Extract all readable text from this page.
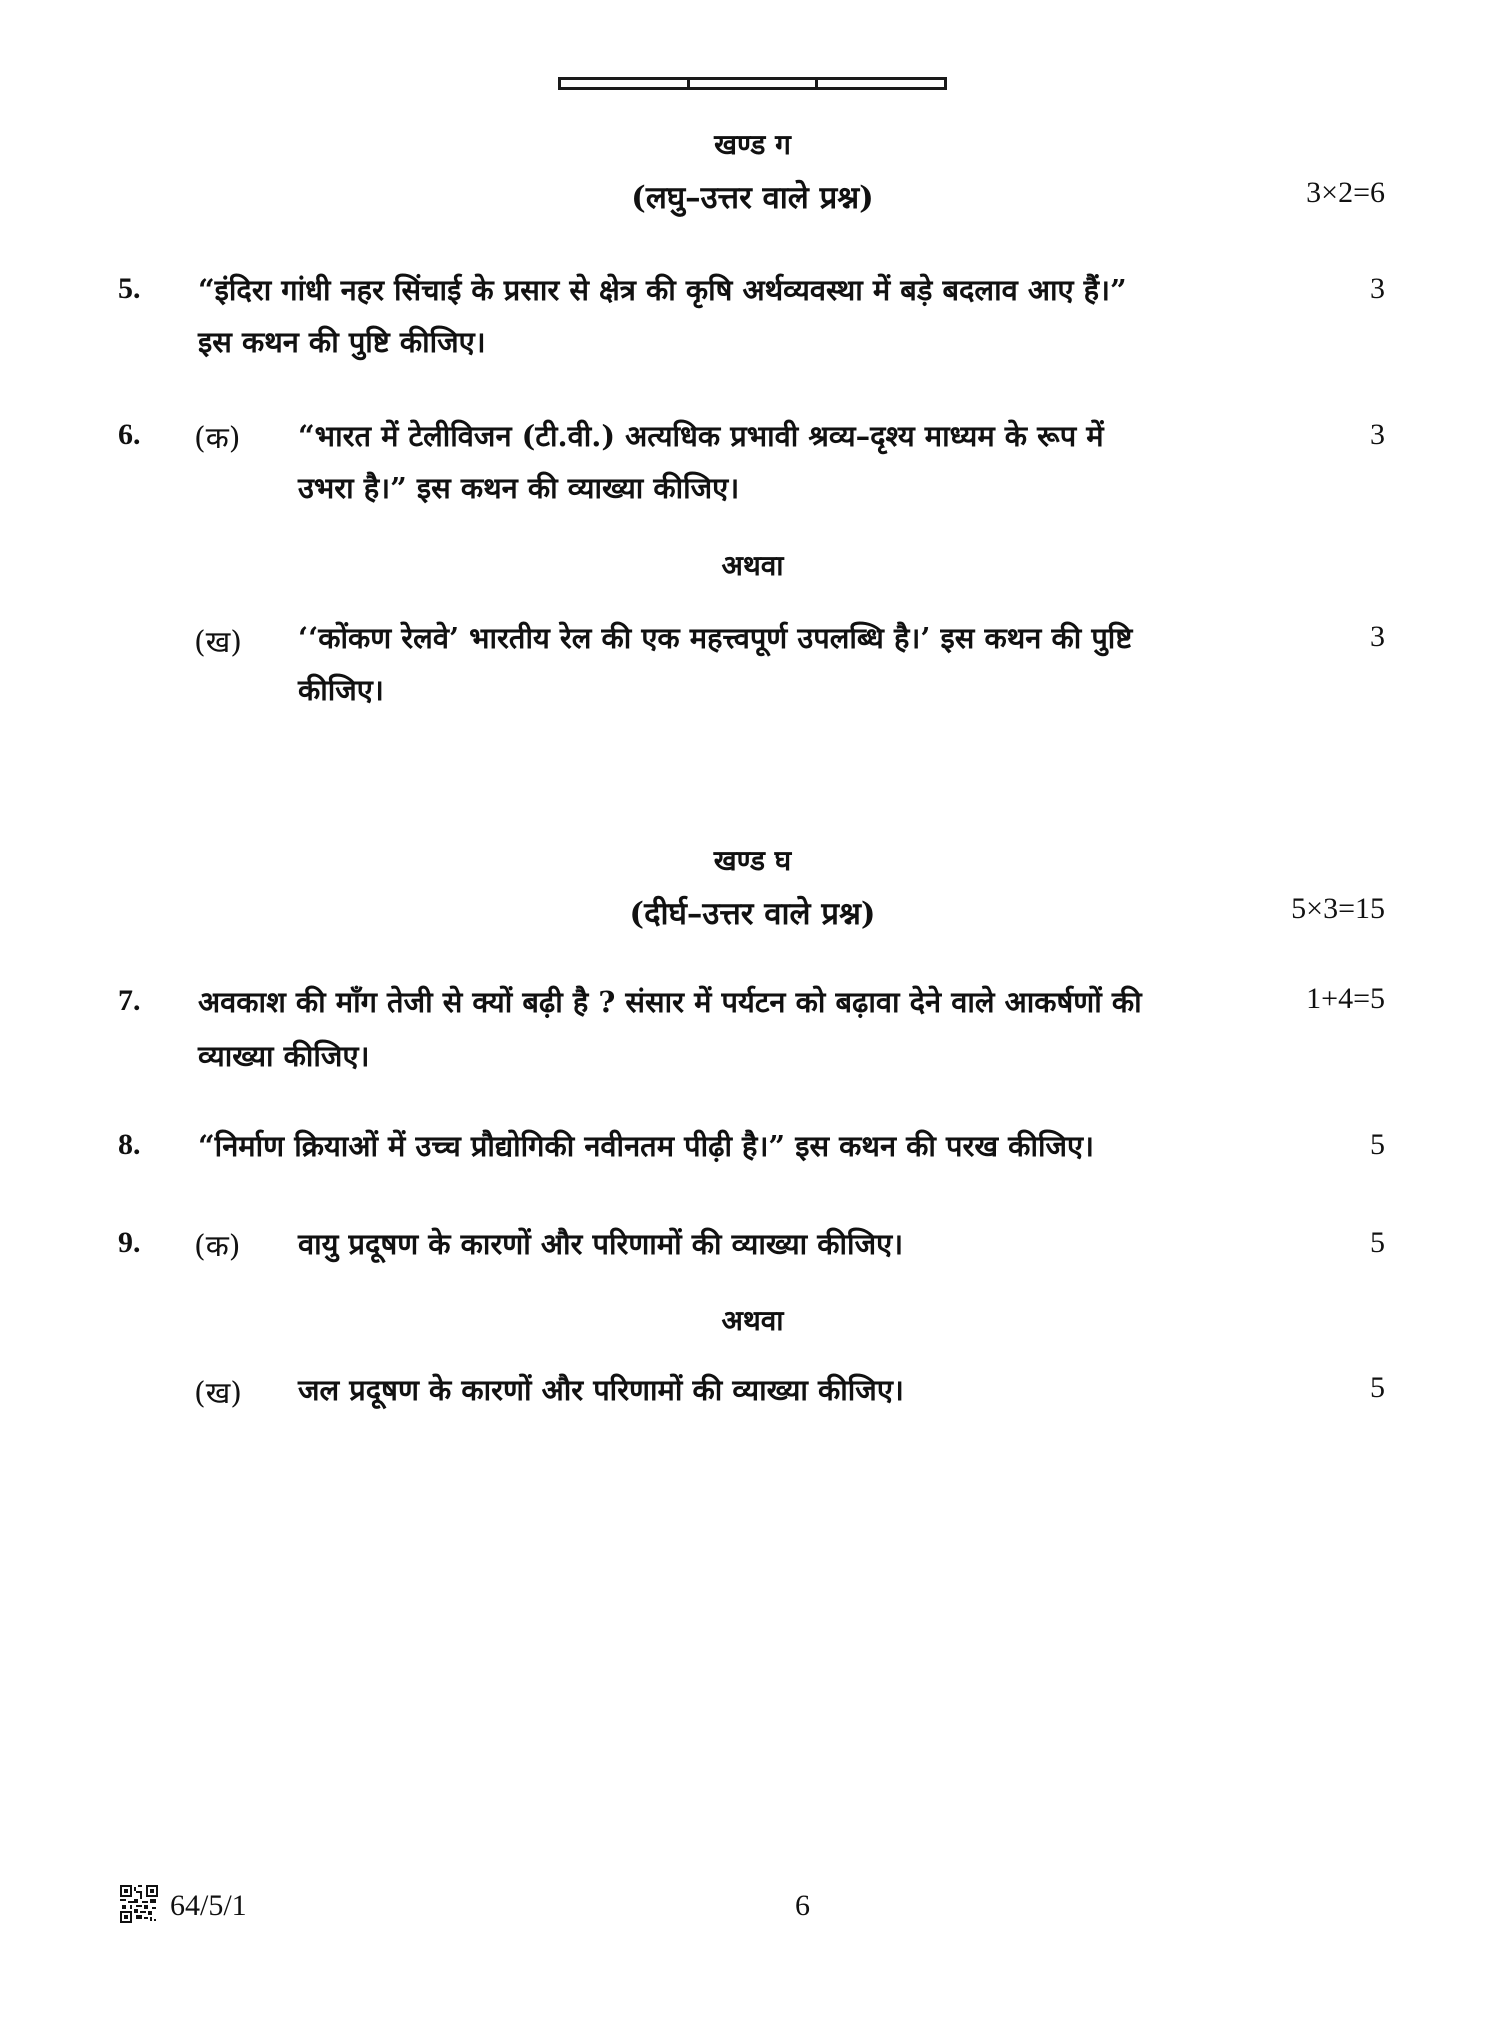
खण्ड ग
(लघु–उत्तर वाले प्रश्न)	3×2=6
5. “इंदिरा गांधी नहर सिंचाई के प्रसार से क्षेत्र की कृषि अर्थव्यवस्था में बड़े बदलाव आए हैं।”
इस कथन की पुष्टि कीजिए।
3
6. (क) “भारत में टेलीविजन (टी.वी.) अत्यधिक प्रभावी श्रव्य–दृश्य माध्यम के रूप में
उभरा है।” इस कथन की व्याख्या कीजिए।
3
अथवा
(ख) ‘‘कोंकण रेलवे’ भारतीय रेल की एक महत्त्वपूर्ण उपलब्धि है।’ इस कथन की पुष्टि
कीजिए।
3
खण्ड घ
(दीर्घ–उत्तर वाले प्रश्न)	5×3=15
7. अवकाश की माँग तेजी से क्यों बढ़ी है ? संसार में पर्यटन को बढ़ावा देने वाले आकर्षणों की
व्याख्या कीजिए।
1+4=5
8. “निर्माण क्रियाओं में उच्च प्रौद्योगिकी नवीनतम पीढ़ी है।” इस कथन की परख कीजिए।	5
9. (क) वायु प्रदूषण के कारणों और परिणामों की व्याख्या कीजिए।	5
अथवा
(ख) जल प्रदूषण के कारणों और परिणामों की व्याख्या कीजिए।	5
64/5/1	6
